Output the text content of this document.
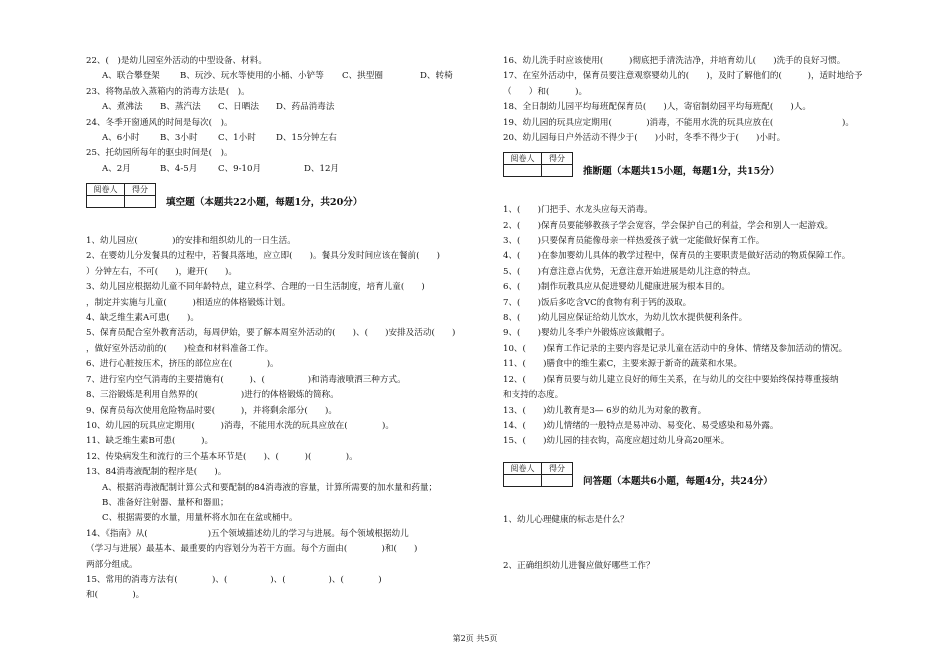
22、(　)是幼儿园室外活动的中型设备、材料。
A、联合攀登架	B、玩沙、玩水等使用的小桶、小铲等	C、拱型圈	D、转椅
23、将物品放入蒸箱内的消毒方法是(　)。
A、煮沸法	B、蒸汽法	C、日晒法	D、药品消毒法
24、冬季开窗通风的时间是每次(　)。
A、6小时	B、3小时	C、1小时	D、15分钟左右
25、托幼园所每年的驱虫时间是(　)。
A、2月	B、4-5月	C、9-10月	D、12月
阅卷人	得分

填空题（本题共22小题，每题1分，共20分）
1、幼儿园应(　　　　)的安排和组织幼儿的一日生活。
2、在婴幼儿分发餐具的过程中，若餐具落地，应立即(　　)。餐具分发时间应该在餐前(　　)
）分钟左右，不可(　　)，避开(　　)。
3、幼儿园应根据幼儿童不同年龄特点，建立科学、合理的一日生活制度，培育儿童(　　)
，制定并实施与儿童(　　　)相适应的体格锻炼计划。
4、缺乏维生素A可患(　　)。
5、保育员配合室外教育活动，每周伊始，要了解本周室外活动的(　　)、(　　)安排及活动(　　)
，做好室外活动前的(　　)检查和材料准备工作。
6、进行心脏按压术，挤压的部位应在(　　　　)。
7、进行室内空气消毒的主要措施有(　　　)、(　　　　　)和消毒液喷洒三种方式。
8、三浴锻炼是利用自然界的(　　　　　)进行的体格锻炼的简称。
9、保育员每次使用危险物品时要(　　　)，并将剩余部分(　　)。
10、幼儿园的玩具应定期用(　　　)消毒，不能用水洗的玩具应放在(　　　　)。
11、缺乏维生素B可患(　　　)。
12、传染病发生和流行的三个基本环节是(　　)、(　　　)(　　　　)。
13、84消毒液配制的程序是(　　)。
A、根据消毒液配制计算公式和要配制的84消毒液的容量，计算所需要的加水量和药量；
B、准备好注射器、量杯和器皿；
C、根据需要的水量，用量杯将水加在在盆或桶中。
14、《指南》从(　　　　　　　)五个领域描述幼儿的学习与进展。每个领域根据幼儿
（学习与进展）最基本、最重要的内容划分为若干方面。每个方面由(　　　　)和(　　)
两部分组成。
15、常用的消毒方法有(　　　　)、(　　　　　)、(　　　　　)、(　　　　)
和(　　　　)。
16、幼儿洗手时应该使用(　　　)彻底把手清洗洁净，并培育幼儿(　　)洗手的良好习惯。
17、在室外活动中，保育员要注意观察婴幼儿的(　　)，及时了解他们的(　　　)，适时地给予
（　　）和(　　　)。
18、全日制幼儿园平均每班配保育员(　　)人，寄宿制幼园平均每班配(　　)人。
19、幼儿园的玩具应定期用(　　　　)消毒，不能用水洗的玩具应放在(　　　　　　　　)。
20、幼儿园每日户外活动不得少于(　　)小时，冬季不得少于(　　)小时。
阅卷人	得分

推断题（本题共15小题，每题1分，共15分）
1、(　　)门把手、水龙头应每天消毒。
2、(　　)保育员要能够教孩子学会宽容，学会保护自己的利益，学会和别人一起游戏。
3、(　　)只要保育员能像母亲一样热爱孩子就一定能做好保育工作。
4、(　　)在参加婴幼儿具体的教学过程中，保育员的主要职责是做好活动的物质保障工作。
5、(　　)有意注意占优势，无意注意开始进展是幼儿注意的特点。
6、(　　)制作玩教具应从促进婴幼儿健康进展为根本目的。
7、(　　)饭后多吃含VC的食物有利于钙的汲取。
8、(　　)幼儿园应保证给幼儿饮水，为幼儿饮水提供便利条件。
9、(　　)婴幼儿冬季户外锻炼应该戴帽子。
10、(　　)保育工作记录的主要内容是记录儿童在活动中的身体、情绪及参加活动的情况。
11、(　　)膳食中的维生素C，主要来源于新奇的蔬菜和水果。
12、(　　)保育员要与幼儿建立良好的师生关系，在与幼儿的交往中要始终保持尊重接纳
和支持的态度。
13、(　　)幼儿教育是3— 6岁的幼儿为对象的教育。
14、(　　)幼儿情绪的一般特点是易冲动、易变化、易受感染和易外露。
15、(　　)幼儿园的挂衣钩，高度应超过幼儿身高20厘米。
阅卷人	得分

问答题（本题共6小题，每题4分，共24分）
1、幼儿心理健康的标志是什么？
2、正确组织幼儿进餐应做好哪些工作？
第2页 共5页
